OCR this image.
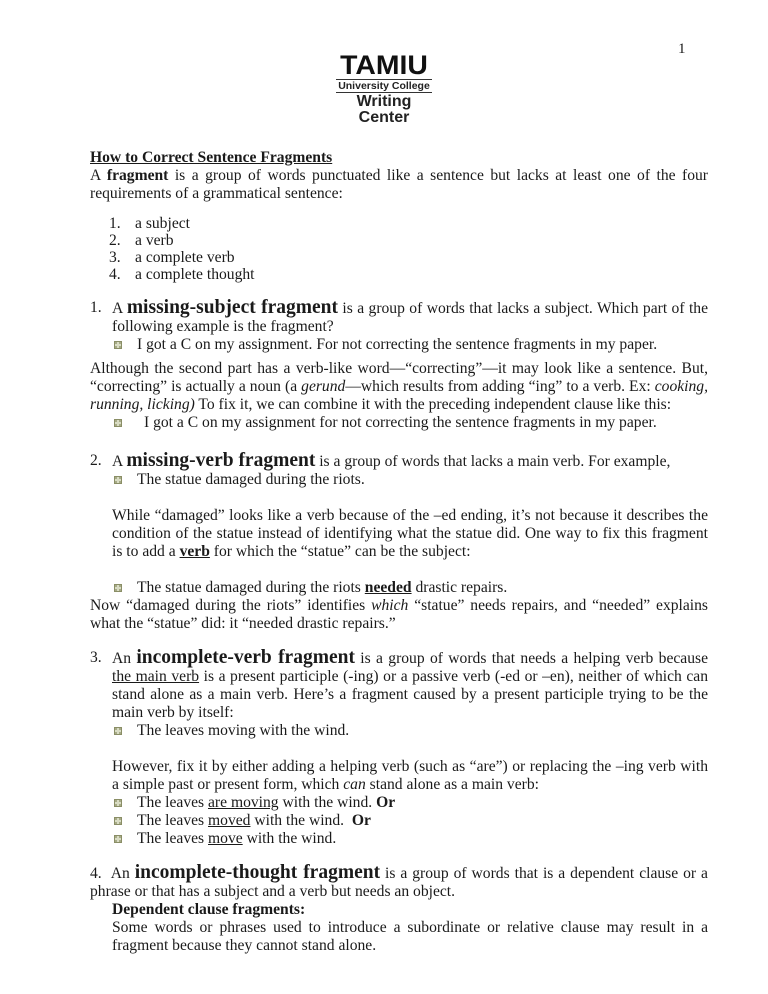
1
TAMIU
University College
Writing
Center
How to Correct Sentence Fragments
A fragment is a group of words punctuated like a sentence but lacks at least one of the four requirements of a grammatical sentence:
1. a subject
2. a verb
3. a complete verb
4. a complete thought
1. A missing-subject fragment is a group of words that lacks a subject. Which part of the following example is the fragment?
I got a C on my assignment. For not correcting the sentence fragments in my paper.
Although the second part has a verb-like word—“correcting”—it may look like a sentence. But, “correcting” is actually a noun (a gerund—which results from adding “ing” to a verb. Ex: cooking, running, licking) To fix it, we can combine it with the preceding independent clause like this:
I got a C on my assignment for not correcting the sentence fragments in my paper.
2. A missing-verb fragment is a group of words that lacks a main verb. For example,
The statue damaged during the riots.
While “damaged” looks like a verb because of the –ed ending, it’s not because it describes the condition of the statue instead of identifying what the statue did. One way to fix this fragment is to add a verb for which the “statue” can be the subject:
The statue damaged during the riots needed drastic repairs.
Now “damaged during the riots” identifies which “statue” needs repairs, and “needed” explains what the “statue” did: it “needed drastic repairs.”
3. An incomplete-verb fragment is a group of words that needs a helping verb because the main verb is a present participle (-ing) or a passive verb (-ed or –en), neither of which can stand alone as a main verb. Here’s a fragment caused by a present participle trying to be the main verb by itself:
The leaves moving with the wind.
However, fix it by either adding a helping verb (such as “are”) or replacing the –ing verb with a simple past or present form, which can stand alone as a main verb:
The leaves are moving with the wind. Or
The leaves moved with the wind.  Or
The leaves move with the wind.
4. An incomplete-thought fragment is a group of words that is a dependent clause or a phrase or that has a subject and a verb but needs an object.
Dependent clause fragments:
Some words or phrases used to introduce a subordinate or relative clause may result in a fragment because they cannot stand alone.
